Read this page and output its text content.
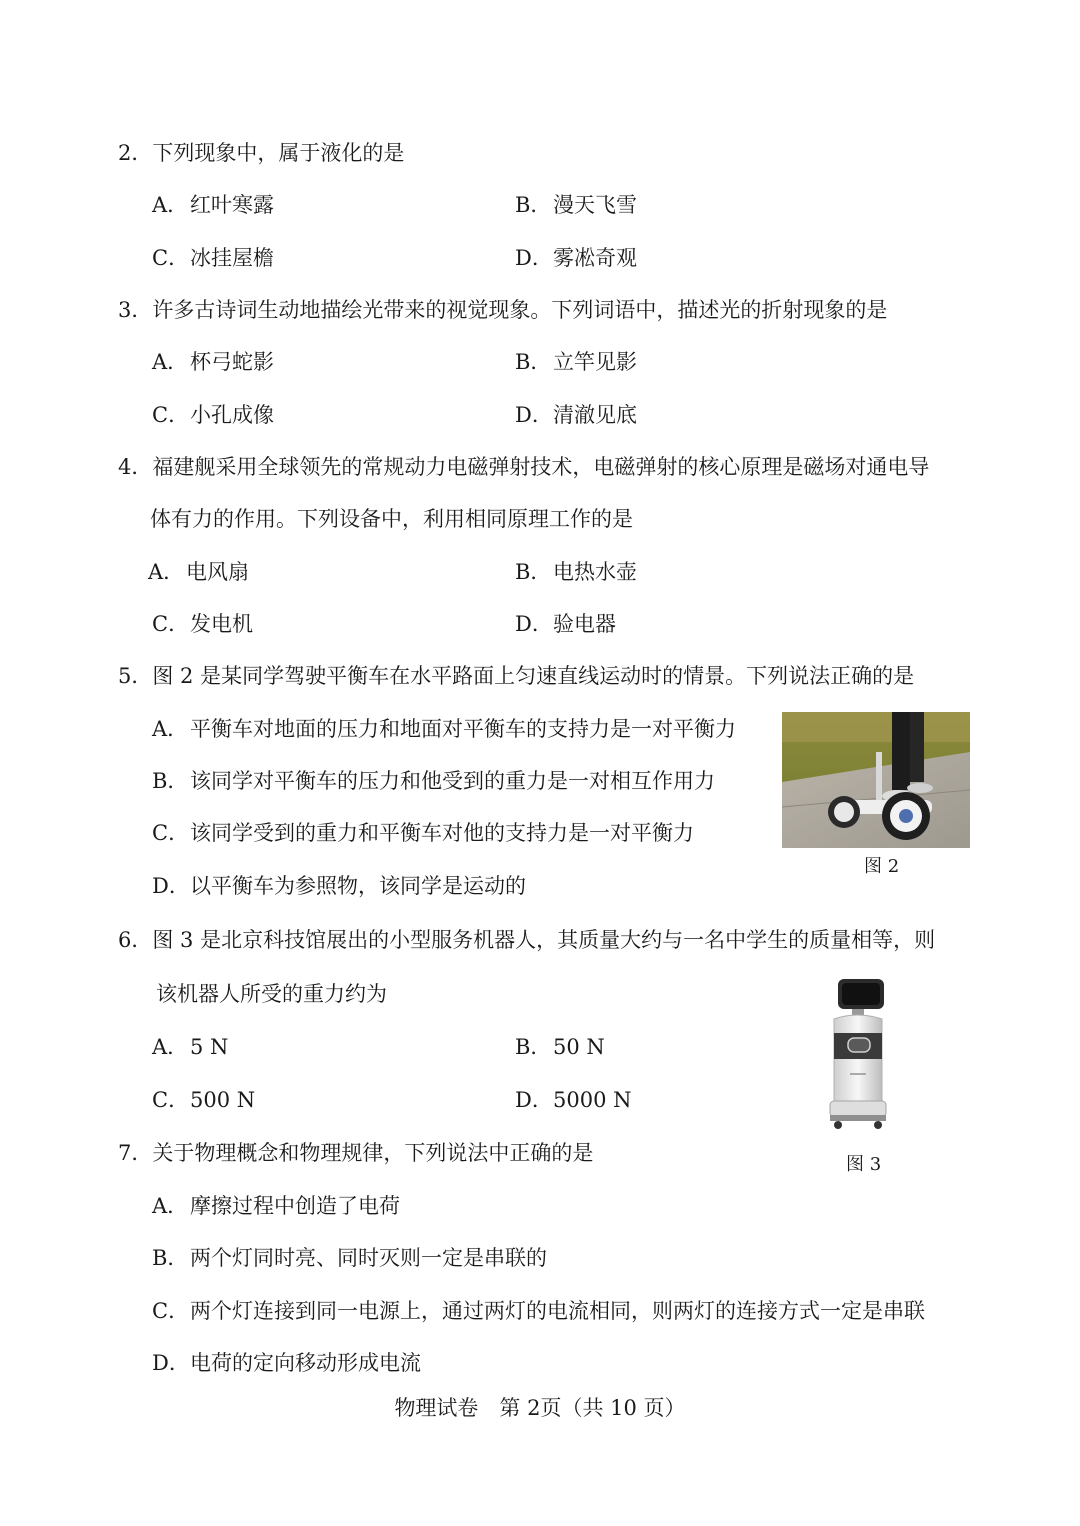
2．下列现象中，属于液化的是
A．红叶寒露	B．漫天飞雪
C．冰挂屋檐	D．雾凇奇观
3．许多古诗词生动地描绘光带来的视觉现象。下列词语中，描述光的折射现象的是
A．杯弓蛇影	B．立竿见影
C．小孔成像	D．清澈见底
4．福建舰采用全球领先的常规动力电磁弹射技术，电磁弹射的核心原理是磁场对通电导
体有力的作用。下列设备中，利用相同原理工作的是
A．电风扇	B．电热水壶
C．发电机	D．验电器
5．图 2 是某同学驾驶平衡车在水平路面上匀速直线运动时的情景。下列说法正确的是
A．平衡车对地面的压力和地面对平衡车的支持力是一对平衡力
B．该同学对平衡车的压力和他受到的重力是一对相互作用力
C．该同学受到的重力和平衡车对他的支持力是一对平衡力
D．以平衡车为参照物，该同学是运动的
图 2
6．图 3 是北京科技馆展出的小型服务机器人，其质量大约与一名中学生的质量相等，则
该机器人所受的重力约为
A．5 N	B．50 N
C．500 N	D．5000 N
图 3
7．关于物理概念和物理规律，下列说法中正确的是
A．摩擦过程中创造了电荷
B．两个灯同时亮、同时灭则一定是串联的
C．两个灯连接到同一电源上，通过两灯的电流相同，则两灯的连接方式一定是串联
D．电荷的定向移动形成电流
物理试卷　第 2页（共 10 页）
